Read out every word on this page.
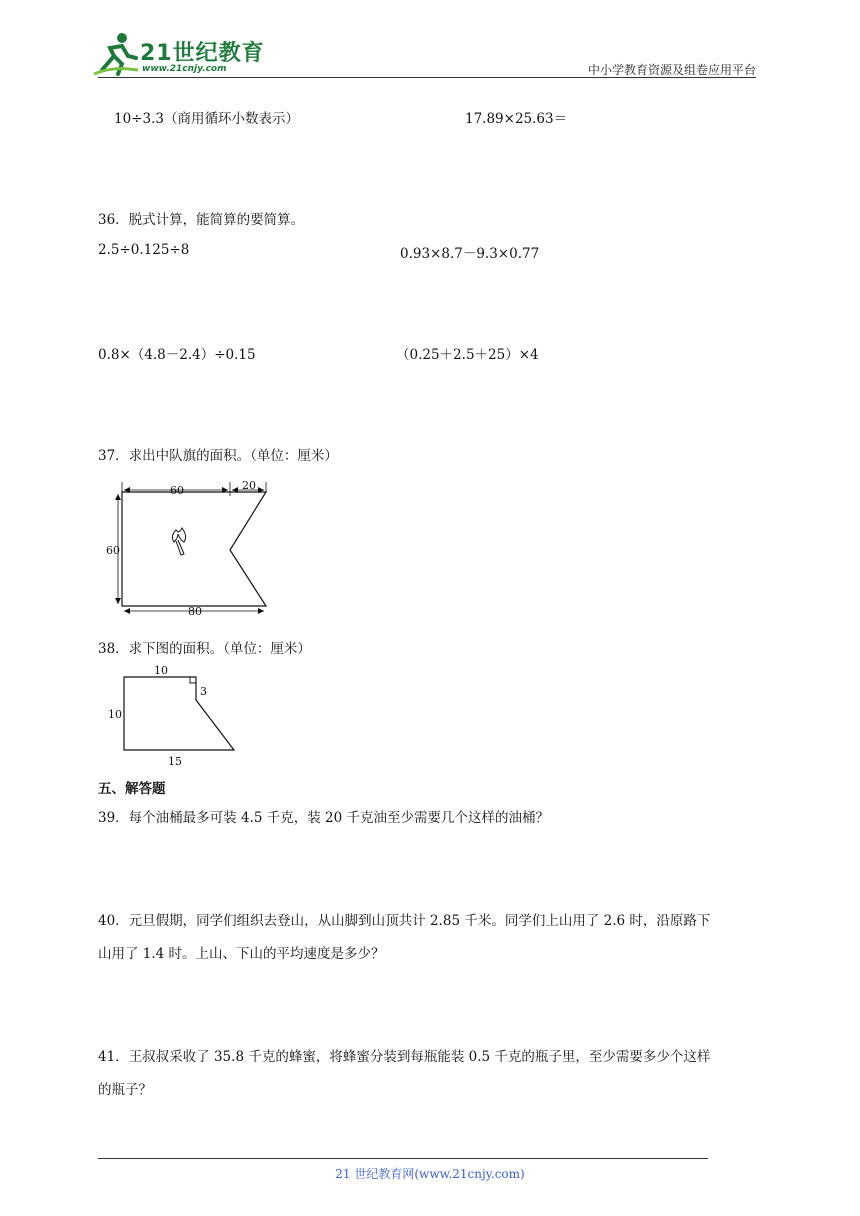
21世纪教育
www.21cnjy.com	中小学教育资源及组卷应用平台
10÷3.3（商用循环小数表示）	17.89×25.63＝
36．脱式计算，能简算的要简算。
2.5÷0.125÷8	0.93×8.7－9.3×0.77
0.8×（4.8－2.4）÷0.15	（0.25＋2.5＋25）×4
37．求出中队旗的面积。（单位：厘米）
60	20
60
80
38．求下图的面积。（单位：厘米）
10
10
3
15
五、解答题
39．每个油桶最多可装 4.5 千克，装 20 千克油至少需要几个这样的油桶？
40．元旦假期，同学们组织去登山，从山脚到山顶共计 2.85 千米。同学们上山用了 2.6 时，沿原路下
山用了 1.4 时。上山、下山的平均速度是多少？
41．王叔叔采收了 35.8 千克的蜂蜜，将蜂蜜分装到每瓶能装 0.5 千克的瓶子里，至少需要多少个这样
的瓶子？
21 世纪教育网(www.21cnjy.com)
